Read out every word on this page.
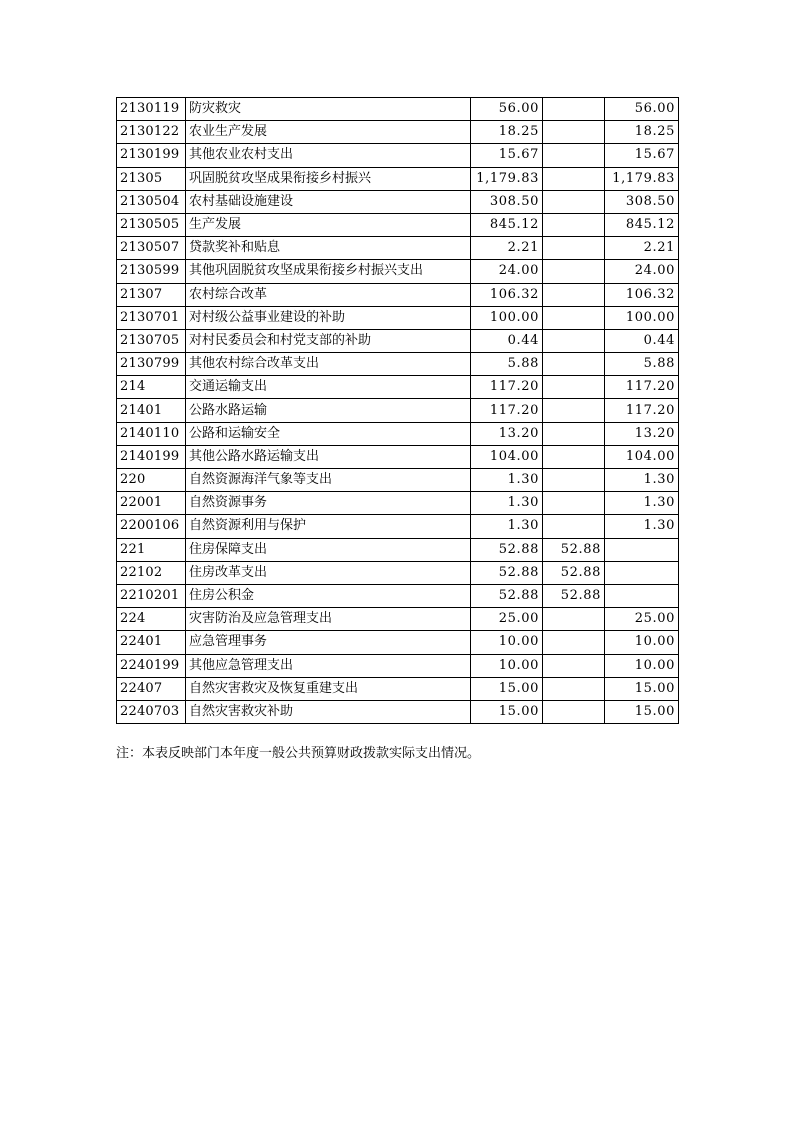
2130119	防灾救灾	56.00		56.00
2130122	农业生产发展	18.25		18.25
2130199	其他农业农村支出	15.67		15.67
21305	巩固脱贫攻坚成果衔接乡村振兴	1,179.83		1,179.83
2130504	农村基础设施建设	308.50		308.50
2130505	生产发展	845.12		845.12
2130507	贷款奖补和贴息	2.21		2.21
2130599	其他巩固脱贫攻坚成果衔接乡村振兴支出	24.00		24.00
21307	农村综合改革	106.32		106.32
2130701	对村级公益事业建设的补助	100.00		100.00
2130705	对村民委员会和村党支部的补助	0.44		0.44
2130799	其他农村综合改革支出	5.88		5.88
214	交通运输支出	117.20		117.20
21401	公路水路运输	117.20		117.20
2140110	公路和运输安全	13.20		13.20
2140199	其他公路水路运输支出	104.00		104.00
220	自然资源海洋气象等支出	1.30		1.30
22001	自然资源事务	1.30		1.30
2200106	自然资源利用与保护	1.30		1.30
221	住房保障支出	52.88	52.88	
22102	住房改革支出	52.88	52.88	
2210201	住房公积金	52.88	52.88	
224	灾害防治及应急管理支出	25.00		25.00
22401	应急管理事务	10.00		10.00
2240199	其他应急管理支出	10.00		10.00
22407	自然灾害救灾及恢复重建支出	15.00		15.00
2240703	自然灾害救灾补助	15.00		15.00
注：本表反映部门本年度一般公共预算财政拨款实际支出情况。
